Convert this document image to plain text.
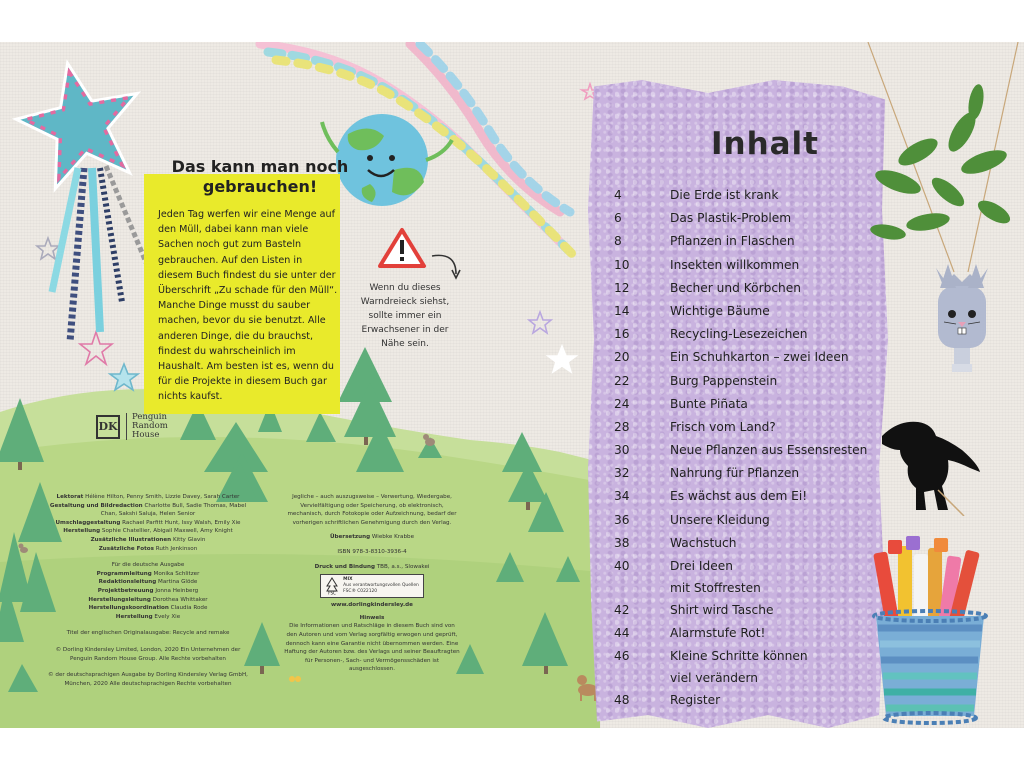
Das kann man noch gebrauchen!
Jeden Tag werfen wir eine Menge auf den Müll, dabei kann man viele Sachen noch gut zum Basteln gebrauchen. Auf den Listen in diesem Buch findest du sie unter der Überschrift „Zu schade für den Müll“. Manche Dinge musst du sauber machen, bevor du sie benutzt. Alle anderen Dinge, die du brauchst, findest du wahrscheinlich im Haushalt. Am besten ist es, wenn du für die Projekte in diesem Buch gar nichts kaufst.
Wenn du dieses Warndreieck siehst, sollte immer ein Erwachsener in der Nähe sein.
DK
Penguin Random House
Lektorat Hélène Hilton, Penny Smith, Lizzie Davey, Sarah Carter
Gestaltung und Bildredaction Charlotte Bull, Sadie Thomas, Mabel Chan, Sakshi Saluja, Helen Senior
Umschlaggestaltung Rachael Parfitt Hunt, Issy Walsh, Emily Xie
Herstellung Sophie Chatellier, Abigail Maxwell, Amy Knight
Zusätzliche Illustrationen Kitty Glavin
Zusätzliche Fotos Ruth Jenkinson
Für die deutsche Ausgabe
Programmleitung Monika Schlitzer
Redaktionsleitung Martina Glöde
Projektbetreuung Jonna Heinberg
Herstellungsleitung Dorothea Whittaker
Herstellungskoordination Claudia Rode
Herstellung Evely Xie
Titel der englischen Originalausgabe: Recycle and remake
© Dorling Kindersley Limited, London, 2020 Ein Unternehmen der Penguin Random House Group. Alle Rechte vorbehalten
© der deutschsprachigen Ausgabe by Dorling Kindersley Verlag GmbH, München, 2020 Alle deutschsprachigen Rechte vorbehalten
Jegliche – auch auszugsweise – Verwertung, Wiedergabe, Vervielfältigung oder Speicherung, ob elektronisch, mechanisch, durch Fotokopie oder Aufzeichnung, bedarf der vorherigen schriftlichen Genehmigung durch den Verlag.
Übersetzung Wiebke Krabbe
ISBN 978-3-8310-3936-4
Druck und Bindung TBB, a.s., Slowakei
FSC
MIX
Aus verantwortungsvollen Quellen
FSC® C022120
www.dorlingkindersley.de
Hinweis
Die Informationen und Ratschläge in diesem Buch sind von den Autoren und vom Verlag sorgfältig erwogen und geprüft, dennoch kann eine Garantie nicht übernommen werden. Eine Haftung der Autoren bzw. des Verlags und seiner Beauftragten für Personen-, Sach- und Vermögensschäden ist ausgeschlossen.
Inhalt
4	Die Erde ist krank
6	Das Plastik-Problem
8	Pflanzen in Flaschen
10	Insekten willkommen
12	Becher und Körbchen
14	Wichtige Bäume
16	Recycling-Lesezeichen
20	Ein Schuhkarton – zwei Ideen
22	Burg Pappenstein
24	Bunte Piñata
28	Frisch vom Land?
30	Neue Pflanzen aus Essensresten
32	Nahrung für Pflanzen
34	Es wächst aus dem Ei!
36	Unsere Kleidung
38	Wachstuch
40	Drei Ideen
mit Stoffresten
42	Shirt wird Tasche
44	Alarmstufe Rot!
46	Kleine Schritte können
viel verändern
48	Register
